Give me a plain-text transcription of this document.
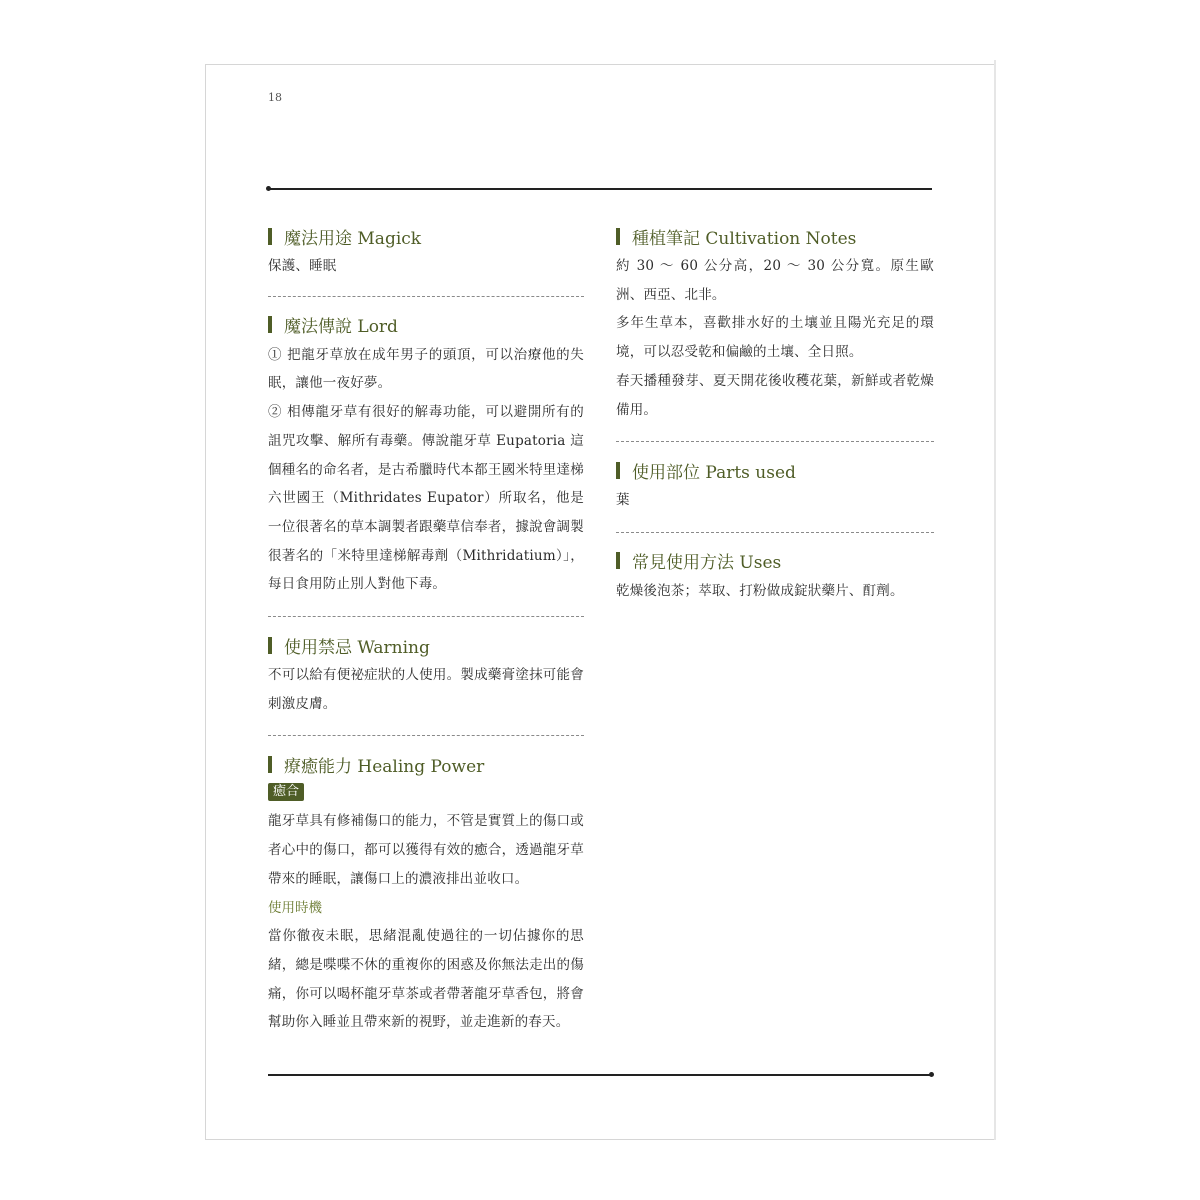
18
魔法用途 Magick

保護、睡眠

魔法傳說 Lord

① 把龍牙草放在成年男子的頭頂，可以治療他的失眠，讓他一夜好夢。

② 相傳龍牙草有很好的解毒功能，可以避開所有的詛咒攻擊、解所有毒藥。傳說龍牙草 Eupatoria 這個種名的命名者，是古希臘時代本都王國米特里達梯六世國王（Mithridates Eupator）所取名，他是一位很著名的草本調製者跟藥草信奉者，據說會調製很著名的「米特里達梯解毒劑（Mithridatium）」，每日食用防止別人對他下毒。

使用禁忌 Warning

不可以給有便祕症狀的人使用。製成藥膏塗抹可能會刺激皮膚。

療癒能力 Healing Power
癒合

龍牙草具有修補傷口的能力，不管是實質上的傷口或者心中的傷口，都可以獲得有效的癒合，透過龍牙草帶來的睡眠，讓傷口上的濃液排出並收口。

使用時機

當你徹夜未眠，思緒混亂使過往的一切佔據你的思緒，總是喋喋不休的重複你的困惑及你無法走出的傷痛，你可以喝杯龍牙草茶或者帶著龍牙草香包，將會幫助你入睡並且帶來新的視野，並走進新的春天。

種植筆記 Cultivation Notes

約 30 ～ 60 公分高，20 ～ 30 公分寬。原生歐洲、西亞、北非。

多年生草本，喜歡排水好的土壤並且陽光充足的環境，可以忍受乾和偏鹼的土壤、全日照。

春天播種發芽、夏天開花後收穫花葉，新鮮或者乾燥備用。

使用部位 Parts used

葉

常見使用方法 Uses

乾燥後泡茶；萃取、打粉做成錠狀藥片、酊劑。
